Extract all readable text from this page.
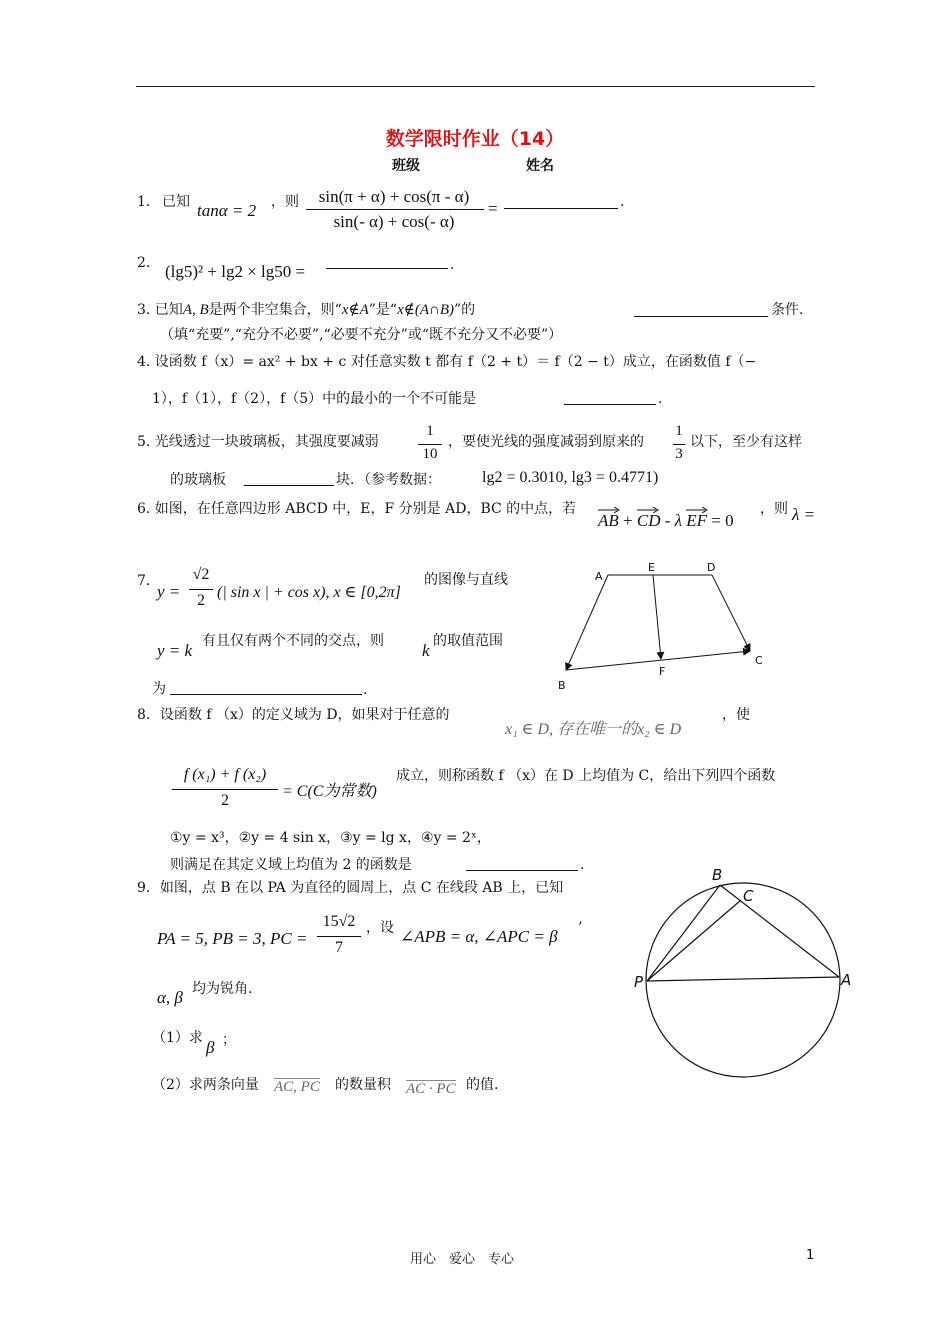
数学限时作业（14）
班级	姓名
1． 已知 tanα = 2 ，则	sin(π + α) + cos(π - α)
sin(- α) + cos(- α)
=	.
2． (lg5)² + lg2 × lg50 =	.
3. 已知A, B是两个非空集合，则“x∉A”是“x∉(A∩B)”的	条件.
（填“充要”,“充分不必要”,“必要不充分”或“既不充分又不必要”）
4. 设函数 f（x）= ax² + bx + c 对任意实数 t 都有 f（2 + t）＝ f（2 − t）成立，在函数值 f（−
1），f（1），f（2），f（5）中的最小的一个不可能是	.
5. 光线透过一块玻璃板，其强度要减弱
1
10
，要使光线的强度减弱到原来的
1
3
以下，至少有这样
的玻璃板	块．（参考数据：	lg2 = 0.3010, lg3 = 0.4771)
6. 如图，在任意四边形 ABCD 中，E，F 分别是 AD，BC 的中点，若
AB + CD - λ EF = 0
，则 λ =
A
E	D
C
F
B
7．
y =
√2
2 (| sin x | + cos x), x ∈ [0,2π]
的图像与直线
y = k 有且仅有两个不同的交点，则 k 的取值范围
为	.
8．设函数 f （x）的定义域为 D，如果对于任意的
x₁ ∈ D, 存在唯一的x₂ ∈ D
，使
f (x₁) + f (x₂)
2
= C(C为常数)
成立，则称函数 f （x）在 D 上均值为 C，给出下列四个函数
①y = x³，②y = 4 sin x，③y = lg x，④y = 2ˣ，
则满足在其定义域上均值为 2 的函数是	.
9．如图，点 B 在以 PA 为直径的圆周上，点 C 在线段 AB 上，已知
PA = 5, PB = 3, PC =
15√2
7
，设 ∠APB = α, ∠APC = β ’
α, β 均为锐角.
（1）求 β ；
（2）求两条向量 AC, PC 的数量积 AC · PC 的值.
B
C
P	A
用心　爱心　专心	1
